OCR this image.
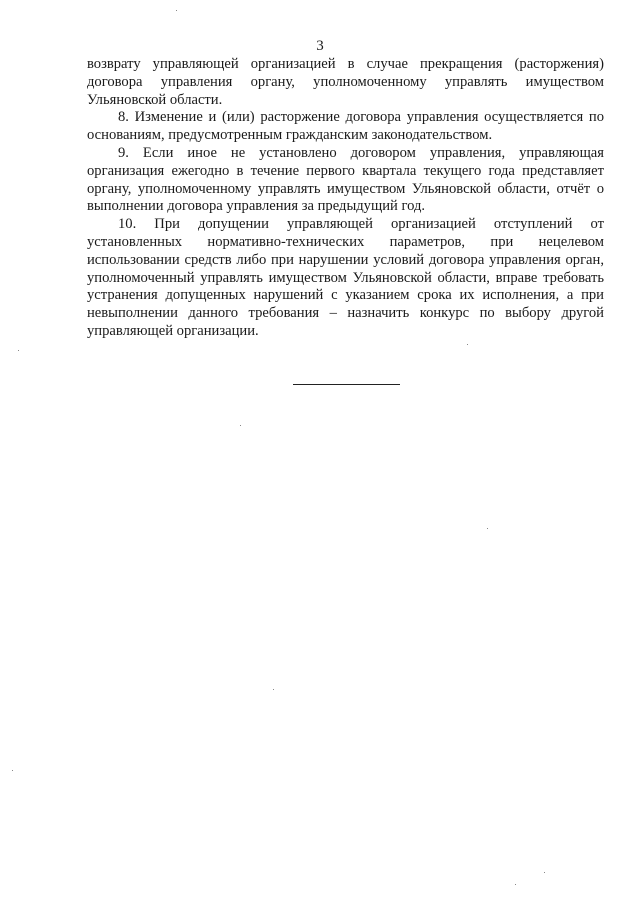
3

возврату управляющей организацией в случае прекращения (расторжения) договора управления органу, уполномоченному управлять имуществом Ульяновской области.

8. Изменение и (или) расторжение договора управления осуществляется по основаниям, предусмотренным гражданским законодательством.

9. Если иное не установлено договором управления, управляющая организация ежегодно в течение первого квартала текущего года представляет органу, уполномоченному управлять имуществом Ульяновской области, отчёт о выполнении договора управления за предыдущий год.

10. При допущении управляющей организацией отступлений от установленных нормативно-технических параметров, при нецелевом использовании средств либо при нарушении условий договора управления орган, уполномоченный управлять имуществом Ульяновской области, вправе требовать устранения допущенных нарушений с указанием срока их исполнения, а при невыполнении данного требования – назначить конкурс по выбору другой управляющей организации.
